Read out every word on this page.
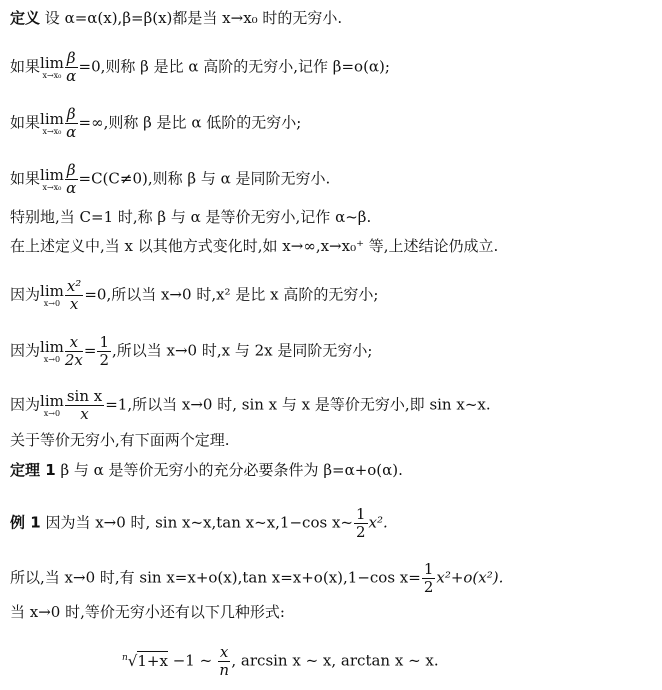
定义 设 α=α(x),β=β(x)都是当 x→x₀ 时的无穷小.
如果lim
$x\to x_0 \frac{\beta}{\alpha} =0$,则称 β 是比 α 高阶的无穷小,记作 β=o(α);
如果lim
$x\to x_0 \frac{\beta}{\alpha}$ =∞,则称 β 是比 α 低阶的无穷小;
如果lim
$x\to x_0 \frac{\beta}{\alpha} =C(C\ne 0)$,则称 β 与 α 是同阶无穷小.
特别地,当 C=1 时,称 β 与 α 是等价无穷小,记作 α~β.
在上述定义中,当 x 以其他方式变化时,如 x→∞,x→x₀⁺ 等,上述结论仍成立.
因为lim
$x\to 0 \frac{\text{x²}}{x} =0$,所以当 x→0 时,x² 是比 x 高阶的无穷小;
因为lim
$x\to 0 \frac{x}{2x} = \frac{1}{2}$ ,所以当 x→0 时,x 与 2x 是同阶无穷小;
因为lim
$x\to 0 \frac{\text{sin x}}{x} =1$,所以当 x→0 时, sin x 与 x 是等价无穷小,即 sin x~x.
关于等价无穷小,有下面两个定理.
定理 1 β 与 α 是等价无穷小的充分必要条件为 β=α+o(α).
例 1 因为当 x→0 时, sin x~x,tan x~x,1−cos x~ $\frac{1}{2} x^2$.
所以,当 x→0 时,有 sin x=x+o(x),tan x=x+o(x),1−cos $x= \frac{1}{2} x^2+o(x^2)$.
当 x→0 时,等价无穷小还有以下几种形式:
$^n$√1+x −1 ~ $\frac{x}{n}$ , arcsin x ~ x, arctan x ~ x.
